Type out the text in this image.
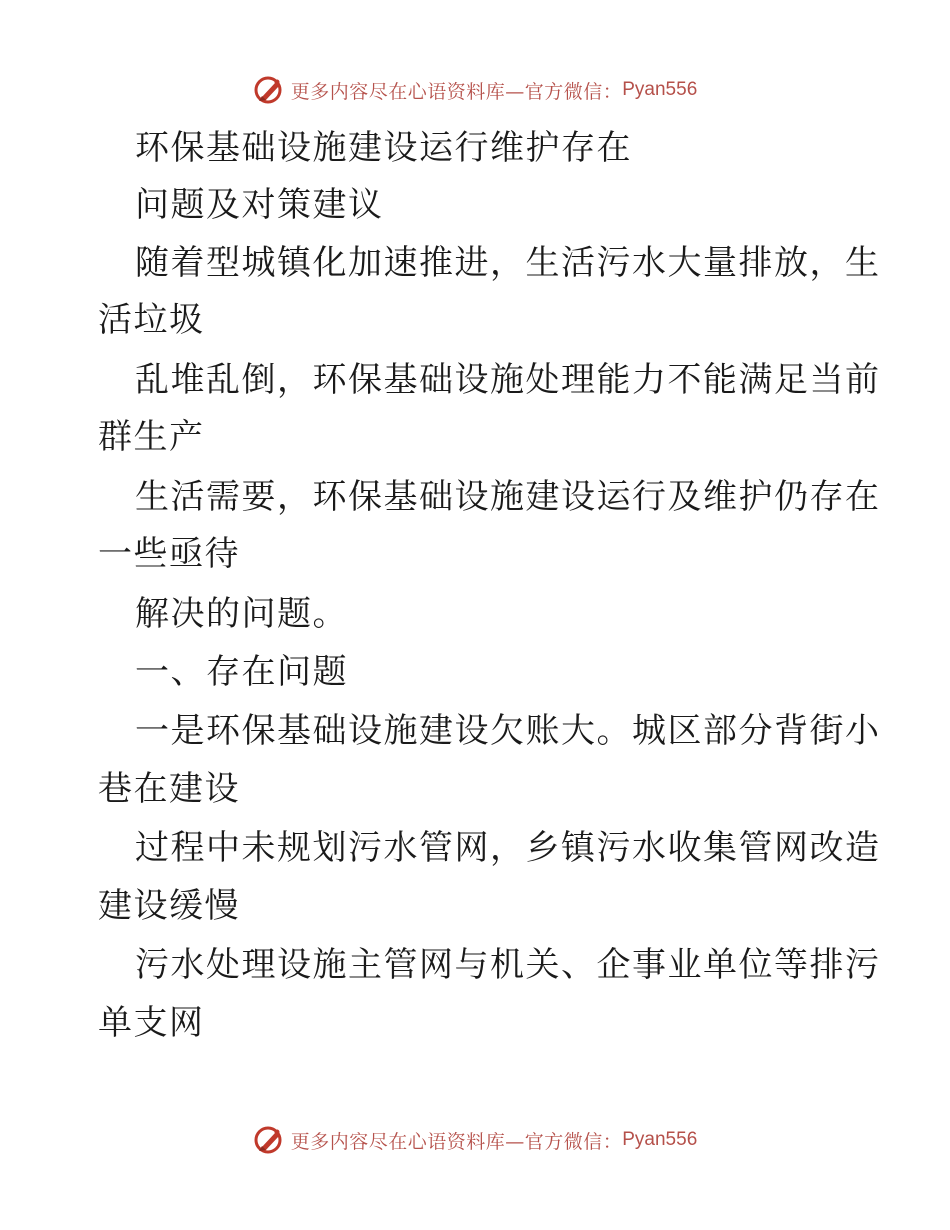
更多内容尽在心语资料库—官方微信： Pyan556
环保基础设施建设运行维护存在
问题及对策建议
随着型城镇化加速推进，生活污水大量排放，生
活垃圾
乱堆乱倒，环保基础设施处理能力不能满足当前
群生产
生活需要，环保基础设施建设运行及维护仍存在
一些亟待
解决的问题。
一、存在问题
一是环保基础设施建设欠账大。城区部分背街小
巷在建设
过程中未规划污水管网，乡镇污水收集管网改造
建设缓慢
污水处理设施主管网与机关、企事业单位等排污
单支网
更多内容尽在心语资料库—官方微信： Pyan556
